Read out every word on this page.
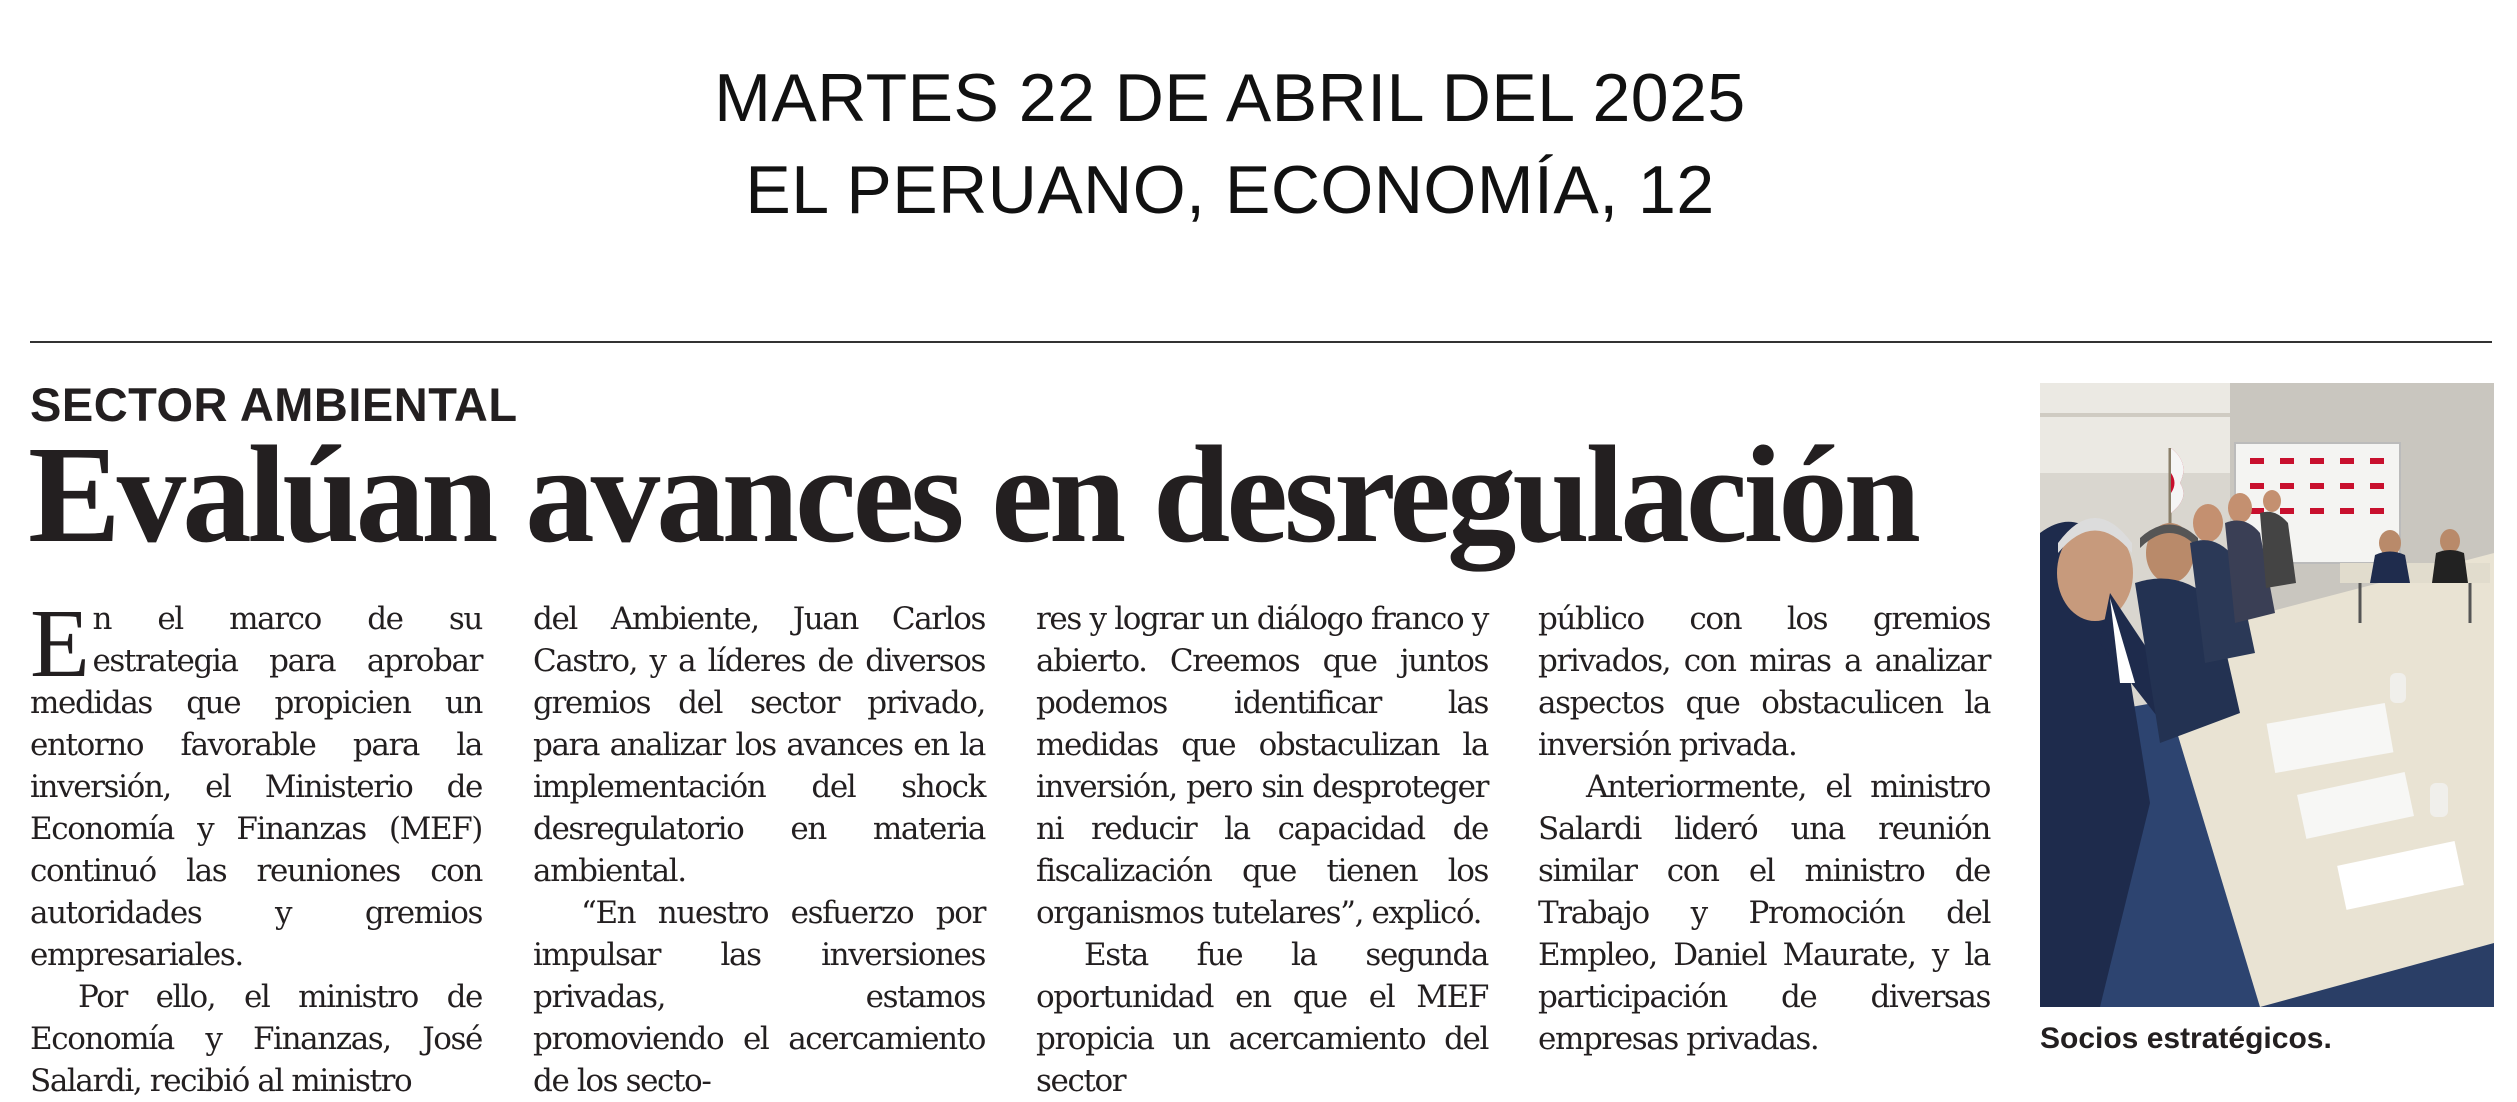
MARTES 22 DE ABRIL DEL 2025
EL PERUANO, ECONOMÍA, 12
SECTOR AMBIENTAL
Evalúan avances en desregulación

En el marco de su estrategia para aprobar medidas que propicien un entorno favorable para la inversión, el Ministerio de Economía y Finanzas (MEF) continuó las reuniones con autoridades y gremios empresariales.

Por ello, el ministro de Economía y Finanzas, José Salardi, recibió al ministro

del Ambiente, Juan Carlos Castro, y a líderes de diversos gremios del sector privado, para analizar los avances en la implementación del shock desregulatorio en materia ambiental.

“En nuestro esfuerzo por impulsar las inversiones privadas, estamos promoviendo el acercamiento de los secto-

res y lograr un diálogo franco y abierto. Creemos que juntos podemos identificar las medidas que obstaculizan la inversión, pero sin desproteger ni reducir la capacidad de fiscalización que tienen los organismos tutelares”, explicó.

Esta fue la segunda oportunidad en que el MEF propicia un acercamiento del sector

público con los gremios privados, con miras a analizar aspectos que obstaculicen la inversión privada.

Anteriormente, el ministro Salardi lideró una reunión similar con el ministro de Trabajo y Promoción del Empleo, Daniel Maurate, y la participación de diversas empresas privadas.	Socios estratégicos.
